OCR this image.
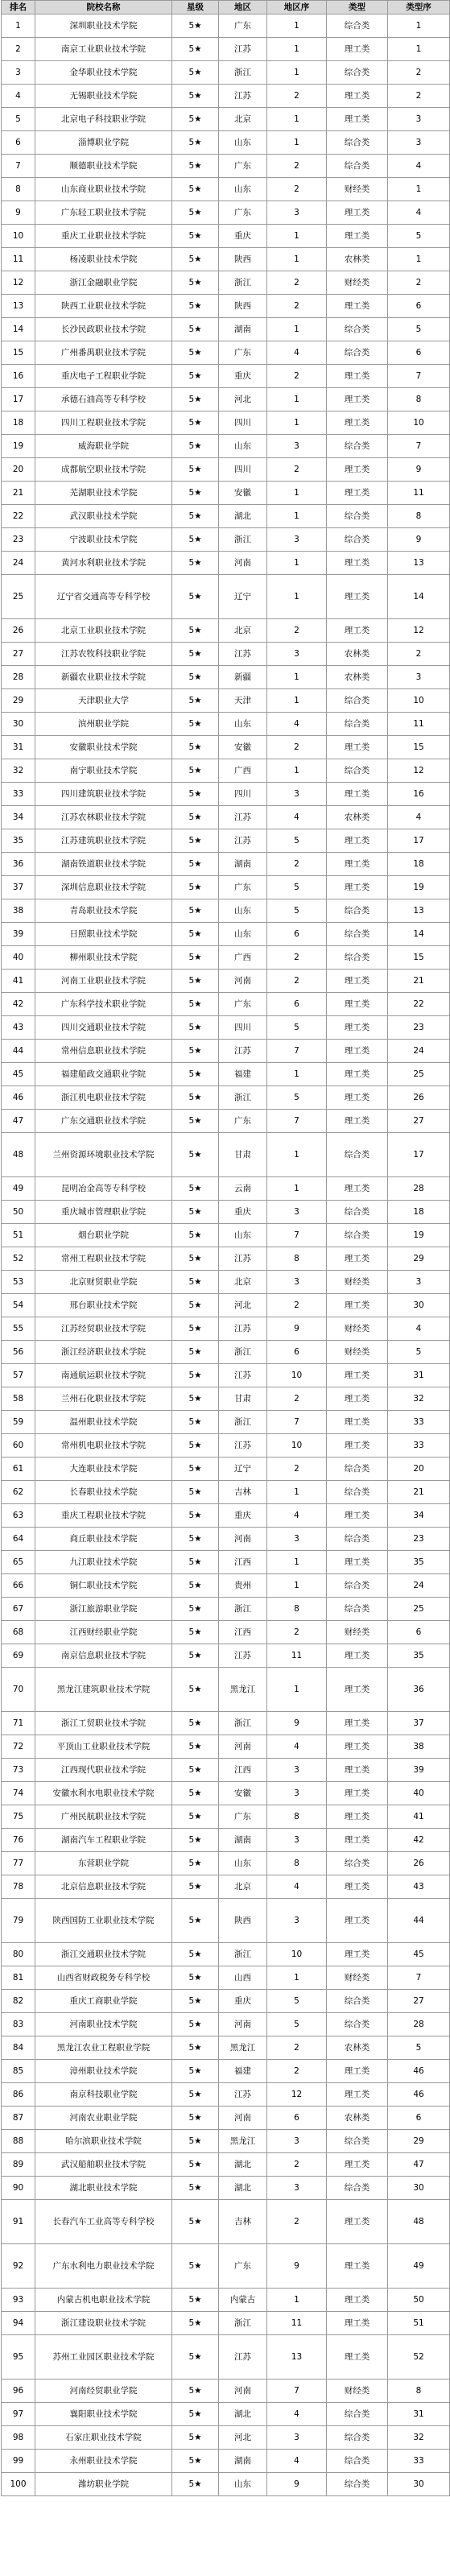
排名	院校名称	星级	地区	地区序	类型	类型序
1	深圳职业技术学院	5★	广东	1	综合类	1
2	南京工业职业技术学院	5★	江苏	1	理工类	1
3	金华职业技术学院	5★	浙江	1	综合类	2
4	无锡职业技术学院	5★	江苏	2	理工类	2
5	北京电子科技职业学院	5★	北京	1	理工类	3
6	淄博职业学院	5★	山东	1	综合类	3
7	顺德职业技术学院	5★	广东	2	综合类	4
8	山东商业职业技术学院	5★	山东	2	财经类	1
9	广东轻工职业技术学院	5★	广东	3	理工类	4
10	重庆工业职业技术学院	5★	重庆	1	理工类	5
11	杨凌职业技术学院	5★	陕西	1	农林类	1
12	浙江金融职业学院	5★	浙江	2	财经类	2
13	陕西工业职业技术学院	5★	陕西	2	理工类	6
14	长沙民政职业技术学院	5★	湖南	1	综合类	5
15	广州番禺职业技术学院	5★	广东	4	综合类	6
16	重庆电子工程职业学院	5★	重庆	2	理工类	7
17	承德石油高等专科学校	5★	河北	1	理工类	8
18	四川工程职业技术学院	5★	四川	1	理工类	10
19	威海职业学院	5★	山东	3	综合类	7
20	成都航空职业技术学院	5★	四川	2	理工类	9
21	芜湖职业技术学院	5★	安徽	1	理工类	11
22	武汉职业技术学院	5★	湖北	1	综合类	8
23	宁波职业技术学院	5★	浙江	3	综合类	9
24	黄河水利职业技术学院	5★	河南	1	理工类	13
25	辽宁省交通高等专科学校	5★	辽宁	1	理工类	14
26	北京工业职业技术学院	5★	北京	2	理工类	12
27	江苏农牧科技职业学院	5★	江苏	3	农林类	2
28	新疆农业职业技术学院	5★	新疆	1	农林类	3
29	天津职业大学	5★	天津	1	综合类	10
30	滨州职业学院	5★	山东	4	综合类	11
31	安徽职业技术学院	5★	安徽	2	理工类	15
32	南宁职业技术学院	5★	广西	1	综合类	12
33	四川建筑职业技术学院	5★	四川	3	理工类	16
34	江苏农林职业技术学院	5★	江苏	4	农林类	4
35	江苏建筑职业技术学院	5★	江苏	5	理工类	17
36	湖南铁道职业技术学院	5★	湖南	2	理工类	18
37	深圳信息职业技术学院	5★	广东	5	理工类	19
38	青岛职业技术学院	5★	山东	5	综合类	13
39	日照职业技术学院	5★	山东	6	综合类	14
40	柳州职业技术学院	5★	广西	2	综合类	15
41	河南工业职业技术学院	5★	河南	2	理工类	21
42	广东科学技术职业学院	5★	广东	6	理工类	22
43	四川交通职业技术学院	5★	四川	5	理工类	23
44	常州信息职业技术学院	5★	江苏	7	理工类	24
45	福建船政交通职业学院	5★	福建	1	理工类	25
46	浙江机电职业技术学院	5★	浙江	5	理工类	26
47	广东交通职业技术学院	5★	广东	7	理工类	27
48	兰州资源环境职业技术学院	5★	甘肃	1	综合类	17
49	昆明冶金高等专科学校	5★	云南	1	理工类	28
50	重庆城市管理职业学院	5★	重庆	3	综合类	18
51	烟台职业学院	5★	山东	7	综合类	19
52	常州工程职业技术学院	5★	江苏	8	理工类	29
53	北京财贸职业学院	5★	北京	3	财经类	3
54	邢台职业技术学院	5★	河北	2	理工类	30
55	江苏经贸职业技术学院	5★	江苏	9	财经类	4
56	浙江经济职业技术学院	5★	浙江	6	财经类	5
57	南通航运职业技术学院	5★	江苏	10	理工类	31
58	兰州石化职业技术学院	5★	甘肃	2	理工类	32
59	温州职业技术学院	5★	浙江	7	理工类	33
60	常州机电职业技术学院	5★	江苏	10	理工类	33
61	大连职业技术学院	5★	辽宁	2	综合类	20
62	长春职业技术学院	5★	吉林	1	综合类	21
63	重庆工程职业技术学院	5★	重庆	4	理工类	34
64	商丘职业技术学院	5★	河南	3	综合类	23
65	九江职业技术学院	5★	江西	1	理工类	35
66	铜仁职业技术学院	5★	贵州	1	综合类	24
67	浙江旅游职业学院	5★	浙江	8	综合类	25
68	江西财经职业学院	5★	江西	2	财经类	6
69	南京信息职业技术学院	5★	江苏	11	理工类	35
70	黑龙江建筑职业技术学院	5★	黑龙江	1	理工类	36
71	浙江工贸职业技术学院	5★	浙江	9	理工类	37
72	平顶山工业职业技术学院	5★	河南	4	理工类	38
73	江西现代职业技术学院	5★	江西	3	理工类	39
74	安徽水利水电职业技术学院	5★	安徽	3	理工类	40
75	广州民航职业技术学院	5★	广东	8	理工类	41
76	湖南汽车工程职业学院	5★	湖南	3	理工类	42
77	东营职业学院	5★	山东	8	综合类	26
78	北京信息职业技术学院	5★	北京	4	理工类	43
79	陕西国防工业职业技术学院	5★	陕西	3	理工类	44
80	浙江交通职业技术学院	5★	浙江	10	理工类	45
81	山西省财政税务专科学校	5★	山西	1	财经类	7
82	重庆工商职业学院	5★	重庆	5	综合类	27
83	河南职业技术学院	5★	河南	5	综合类	28
84	黑龙江农业工程职业学院	5★	黑龙江	2	农林类	5
85	漳州职业技术学院	5★	福建	2	理工类	46
86	南京科技职业学院	5★	江苏	12	理工类	46
87	河南农业职业学院	5★	河南	6	农林类	6
88	哈尔滨职业技术学院	5★	黑龙江	3	综合类	29
89	武汉船舶职业技术学院	5★	湖北	2	理工类	47
90	湖北职业技术学院	5★	湖北	3	综合类	30
91	长春汽车工业高等专科学校	5★	吉林	2	理工类	48
92	广东水利电力职业技术学院	5★	广东	9	理工类	49
93	内蒙古机电职业技术学院	5★	内蒙古	1	理工类	50
94	浙江建设职业技术学院	5★	浙江	11	理工类	51
95	苏州工业园区职业技术学院	5★	江苏	13	理工类	52
96	河南经贸职业学院	5★	河南	7	财经类	8
97	襄阳职业技术学院	5★	湖北	4	综合类	31
98	石家庄职业技术学院	5★	河北	3	综合类	32
99	永州职业技术学院	5★	湖南	4	综合类	33
100	潍坊职业学院	5★	山东	9	综合类	30
